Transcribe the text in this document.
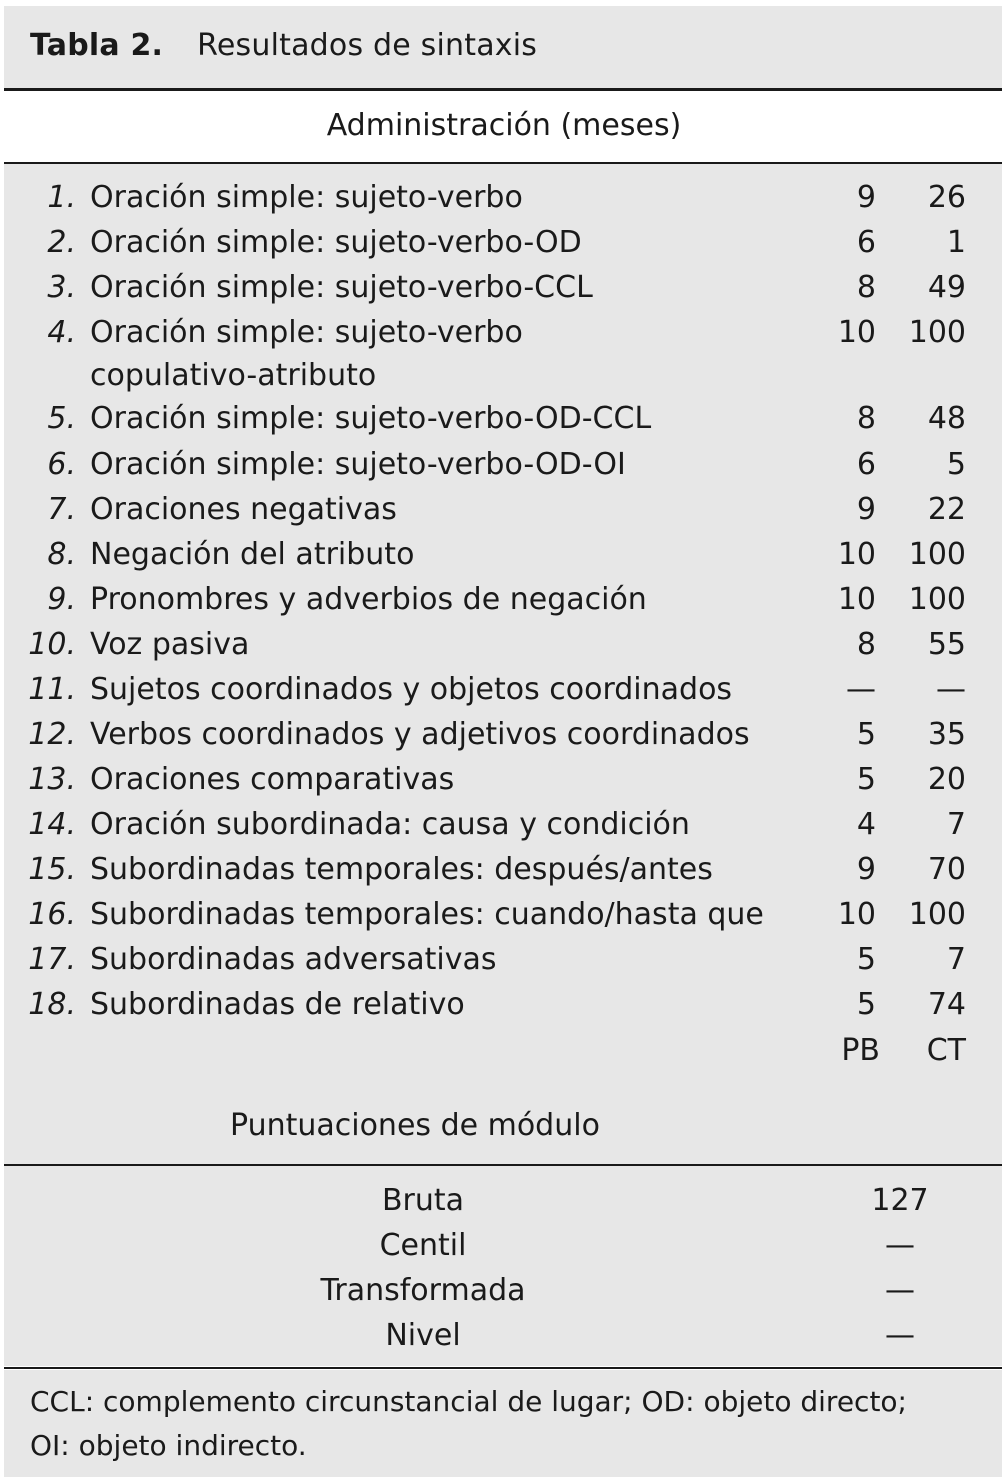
Tabla 2. Resultados de sintaxis
Administración (meses)
1. Oración simple: sujeto-verbo	9	26
2. Oración simple: sujeto-verbo-OD	6	1
3. Oración simple: sujeto-verbo-CCL	8	49
4. Oración simple: sujeto-verbo	10	100
copulativo-atributo
5. Oración simple: sujeto-verbo-OD-CCL	8	48
6. Oración simple: sujeto-verbo-OD-OI	6	5
7. Oraciones negativas	9	22
8. Negación del atributo	10	100
9. Pronombres y adverbios de negación	10	100
10. Voz pasiva	8	55
11. Sujetos coordinados y objetos coordinados	—	—
12. Verbos coordinados y adjetivos coordinados	5	35
13. Oraciones comparativas	5	20
14. Oración subordinada: causa y condición	4	7
15. Subordinadas temporales: después/antes	9	70
16. Subordinadas temporales: cuando/hasta que	10	100
17. Subordinadas adversativas	5	7
18. Subordinadas de relativo	5	74
PB	CT
Puntuaciones de módulo
Bruta	127
Centil	—
Transformada	—
Nivel	—
CCL: complemento circunstancial de lugar; OD: objeto directo;
OI: objeto indirecto.
